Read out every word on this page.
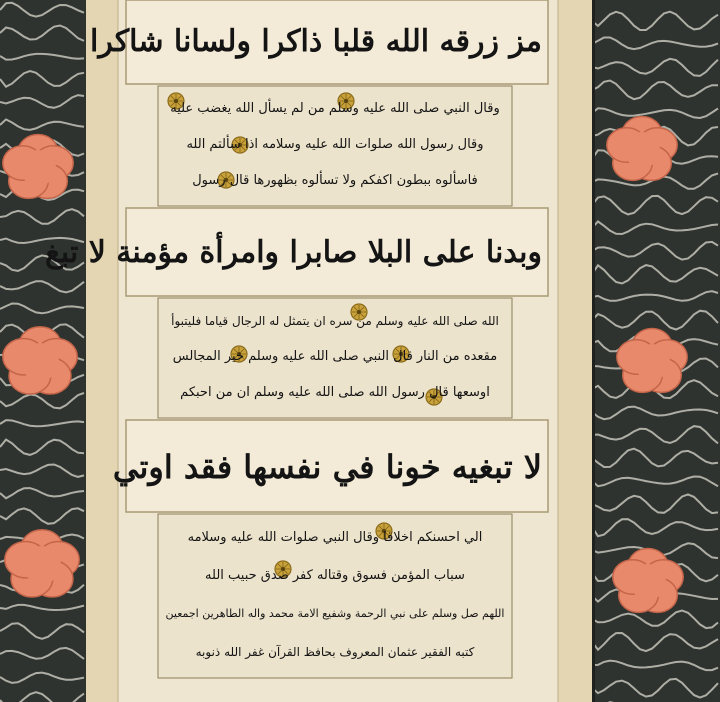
مز زرقه الله قلبا ذاكرا ولسانا شاكرا
وبدنا على البلا صابرا وامرأة مؤمنة لا تبغ
لا تبغيه خونا في نفسها فقد اوتي
وقال النبي صلى الله عليه وسلم من لم يسأل الله يغضب عليه
وقال رسول الله صلوات الله عليه وسلامه اذا سألتم الله
فاسألوه ببطون اكفكم ولا تسألوه بظهورها قال رسول
الله صلى الله عليه وسلم من سره ان يتمثل له الرجال قياما فليتبوأ
مقعده من النار قال النبي صلى الله عليه وسلم خير المجالس
اوسعها قال رسول الله صلى الله عليه وسلم ان من احبكم
الي احسنكم اخلاقا وقال النبي صلوات الله عليه وسلامه
سباب المؤمن فسوق وقتاله كفر صدق حبيب الله
اللهم صل وسلم على نبي الرحمة وشفيع الامة محمد واله الطاهرين اجمعين
كتبه الفقير عثمان المعروف بحافظ القرآن غفر الله ذنوبه
